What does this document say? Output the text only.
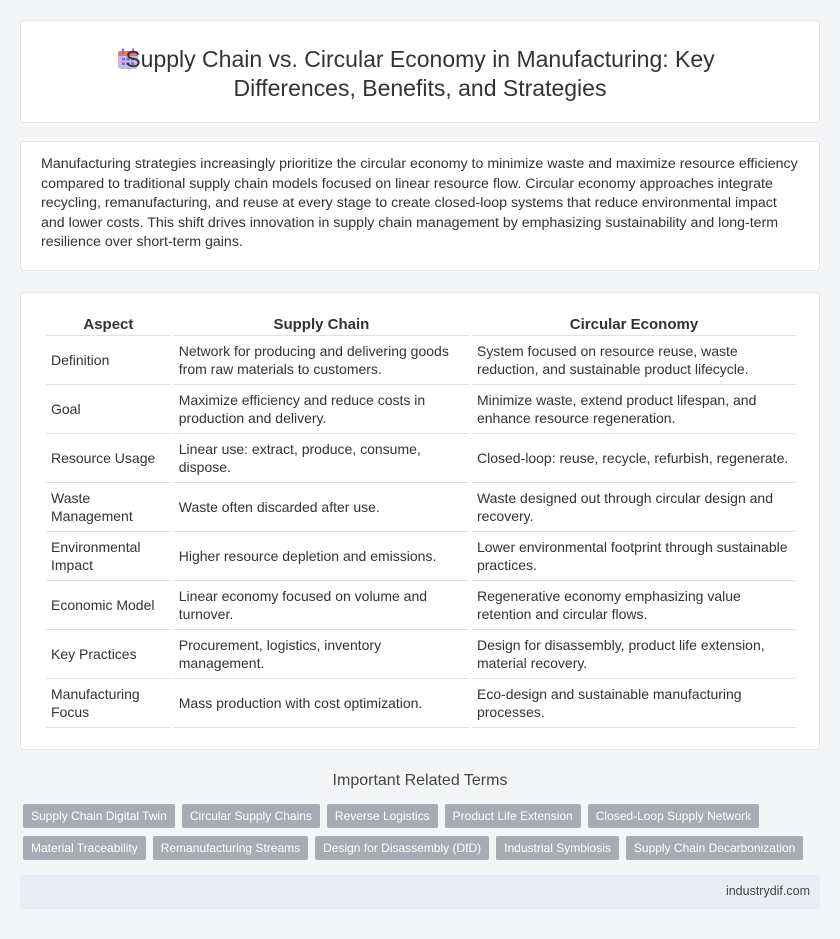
Supply Chain vs. Circular Economy in Manufacturing: Key Differences, Benefits, and Strategies

Manufacturing strategies increasingly prioritize the circular economy to minimize waste and maximize resource efficiency compared to traditional supply chain models focused on linear resource flow. Circular economy approaches integrate recycling, remanufacturing, and reuse at every stage to create closed-loop systems that reduce environmental impact and lower costs. This shift drives innovation in supply chain management by emphasizing sustainability and long-term resilience over short-term gains.

Aspect	Supply Chain	Circular Economy
Definition	Network for producing and delivering goods from raw materials to customers.	System focused on resource reuse, waste reduction, and sustainable product lifecycle.
Goal	Maximize efficiency and reduce costs in production and delivery.	Minimize waste, extend product lifespan, and enhance resource regeneration.
Resource Usage	Linear use: extract, produce, consume, dispose.	Closed-loop: reuse, recycle, refurbish, regenerate.
Waste Management	Waste often discarded after use.	Waste designed out through circular design and recovery.
Environmental Impact	Higher resource depletion and emissions.	Lower environmental footprint through sustainable practices.
Economic Model	Linear economy focused on volume and turnover.	Regenerative economy emphasizing value retention and circular flows.
Key Practices	Procurement, logistics, inventory management.	Design for disassembly, product life extension, material recovery.
Manufacturing Focus	Mass production with cost optimization.	Eco-design and sustainable manufacturing processes.
Important Related Terms
Supply Chain Digital Twin	Circular Supply Chains	Reverse Logistics	Product Life Extension	Closed-Loop Supply Network
Material Traceability	Remanufacturing Streams	Design for Disassembly (DfD)	Industrial Symbiosis	Supply Chain Decarbonization
industrydif.com
